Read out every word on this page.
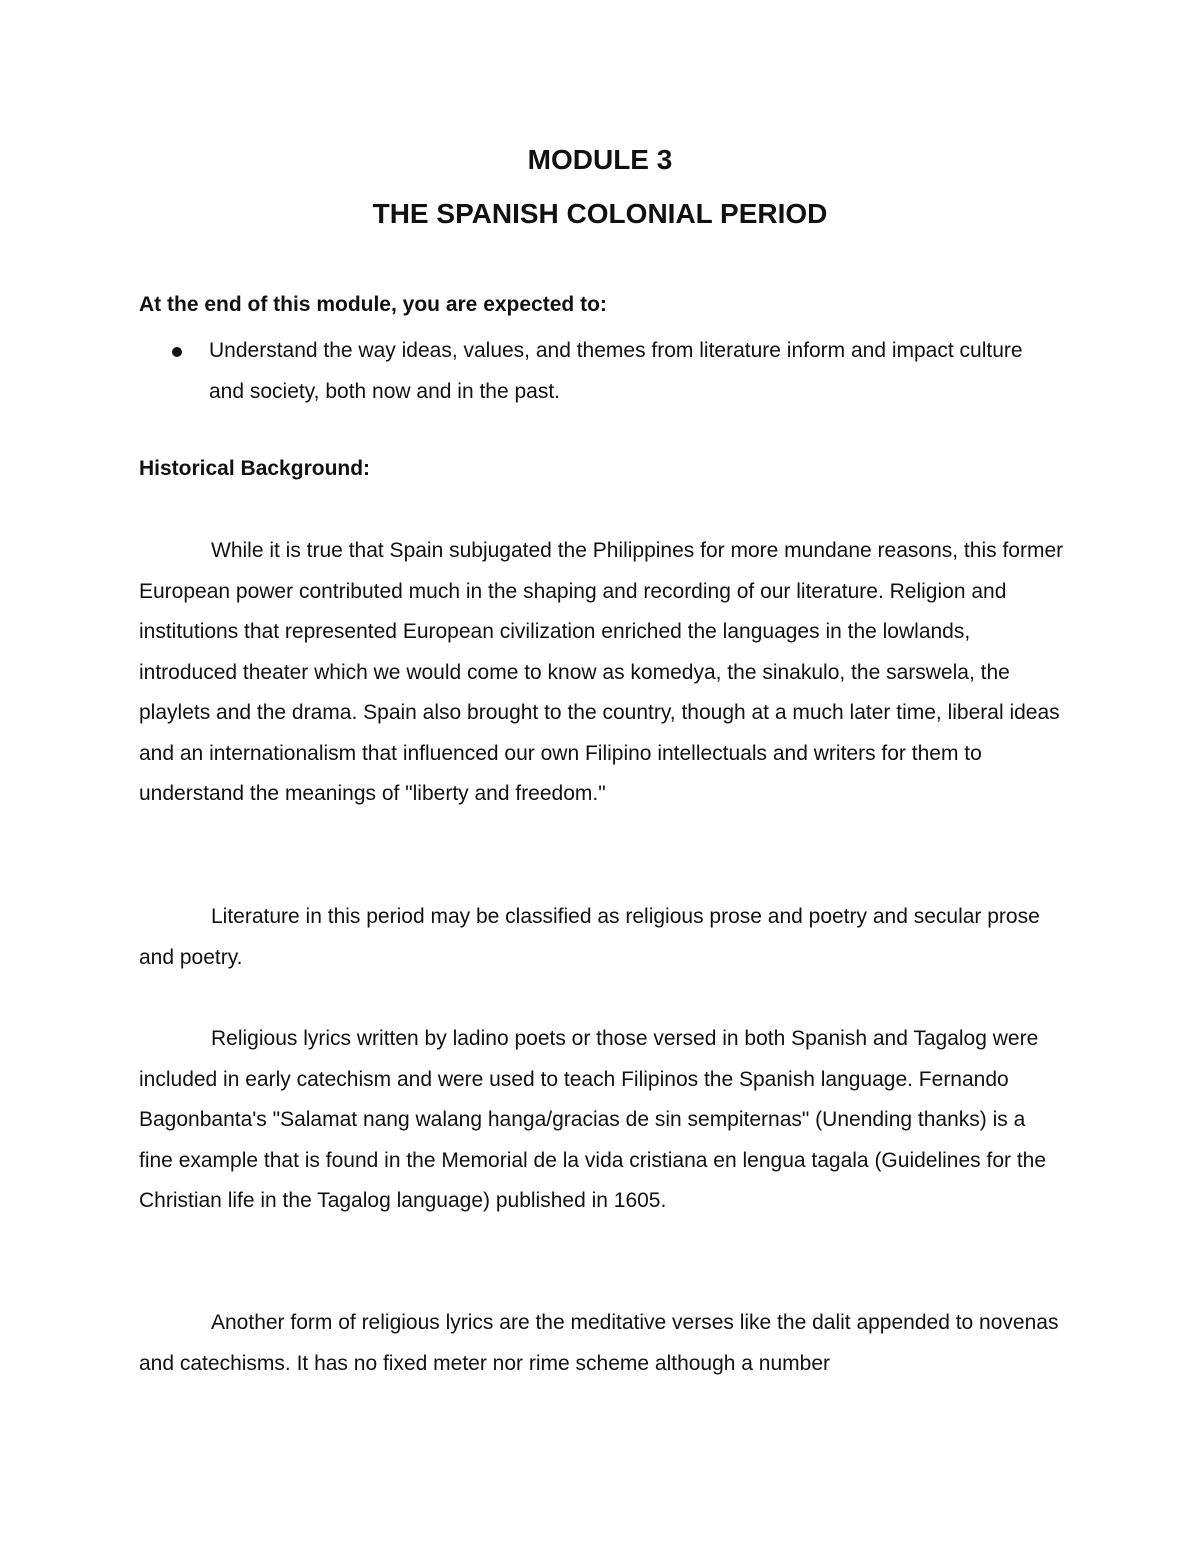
MODULE 3
THE SPANISH COLONIAL PERIOD

At the end of this module, you are expected to:

Understand the way ideas, values, and themes from literature inform and impact culture and society, both now and in the past.

Historical Background:

While it is true that Spain subjugated the Philippines for more mundane reasons, this former European power contributed much in the shaping and recording of our literature. Religion and institutions that represented European civilization enriched the languages in the lowlands, introduced theater which we would come to know as komedya, the sinakulo, the sarswela, the playlets and the drama. Spain also brought to the country, though at a much later time, liberal ideas and an internationalism that influenced our own Filipino intellectuals and writers for them to understand the meanings of "liberty and freedom."

Literature in this period may be classified as religious prose and poetry and secular prose and poetry.

Religious lyrics written by ladino poets or those versed in both Spanish and Tagalog were included in early catechism and were used to teach Filipinos the Spanish language. Fernando Bagonbanta's "Salamat nang walang hanga/gracias de sin sempiternas" (Unending thanks) is a fine example that is found in the Memorial de la vida cristiana en lengua tagala (Guidelines for the Christian life in the Tagalog language) published in 1605.

Another form of religious lyrics are the meditative verses like the dalit appended to novenas and catechisms. It has no fixed meter nor rime scheme although a number
